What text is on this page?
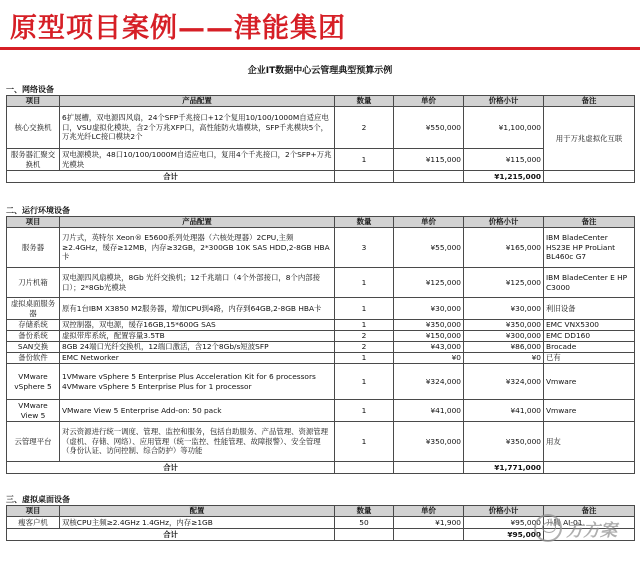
原型项目案例——津能集团
企业IT数据中心云管理典型预算示例
一、网络设备
项目	产品配置	数量	单价	价格小计	备注
核心交换机	6扩展槽，双电源四风扇，24个SFP千兆接口+12个复用10/100/1000M自适应电口，VSU虚拟化模块，含2个万兆XFP口，高性能防火墙模块，SFP千兆模块5个，万兆光纤LC接口模块2个	2	¥550,000	¥1,100,000	用于万兆虚拟化互联
服务器汇聚交换机	双电源模块，48口10/100/1000M自适应电口，复用4个千兆接口，2个SFP+万兆光模块	1	¥115,000	¥115,000	
合计				¥1,215,000	
二、运行环境设备
项目	产品配置	数量	单价	价格小计	备注
服务器	刀片式，英特尔 Xeon® E5600系列处理器（六核处理器）2CPU,主频≥2.4GHz，缓存≥12MB，内存≥32GB，2*300GB 10K SAS HDD,2-8GB HBA卡	3	¥55,000	¥165,000	IBM BladeCenter HS23E HP ProLiant BL460c G7
刀片机箱	双电源四风扇模块，8Gb 光纤交换机；12千兆端口（4个外部接口，8个内部接口）；2*8Gb光模块	1	¥125,000	¥125,000	IBM BladeCenter E HP C3000
虚拟桌面服务器	原有1台IBM X3850 M2服务器，增加CPU到4路，内存到64GB,2-8GB HBA卡	1	¥30,000	¥30,000	利旧设备
存储系统	双控制器，双电源，缓存16GB,15*600G SAS	1	¥350,000	¥350,000	EMC VNX5300
备份系统	虚拟带库系统，配置容量3.5TB	2	¥150,000	¥300,000	EMC DD160
SAN交换	8GB 24端口光纤交换机，12端口激活，含12个8Gb/s短波SFP	2	¥43,000	¥86,000	Brocade
备份软件	EMC Networker	1	¥0	¥0	已有
VMware vSphere 5	1VMware vSphere 5 Enterprise Plus Acceleration Kit for 6 processors 4VMware vSphere 5 Enterprise Plus for 1 processor	1	¥324,000	¥324,000	Vmware
VMware View 5	VMware View 5 Enterprise Add-on: 50 pack	1	¥41,000	¥41,000	Vmware
云管理平台	对云资源进行统一调度、管理、监控和服务，包括自助服务、产品管理、资源管理（虚机、存储、网络）、应用管理（统一监控、性能管理、故障报警）、安全管理（身份认证、访问控制、综合防护）等功能	1	¥350,000	¥350,000	用友
合计				¥1,771,000	
三、虚拟桌面设备
项目	配置	数量	单价	价格小计	备注
瘦客户机	双核CPU主频≥2.4GHz 1.4GHz，内存≥1GB	50	¥1,900	¥95,000	升腾 AI-01
合计				¥95,000	方方案
